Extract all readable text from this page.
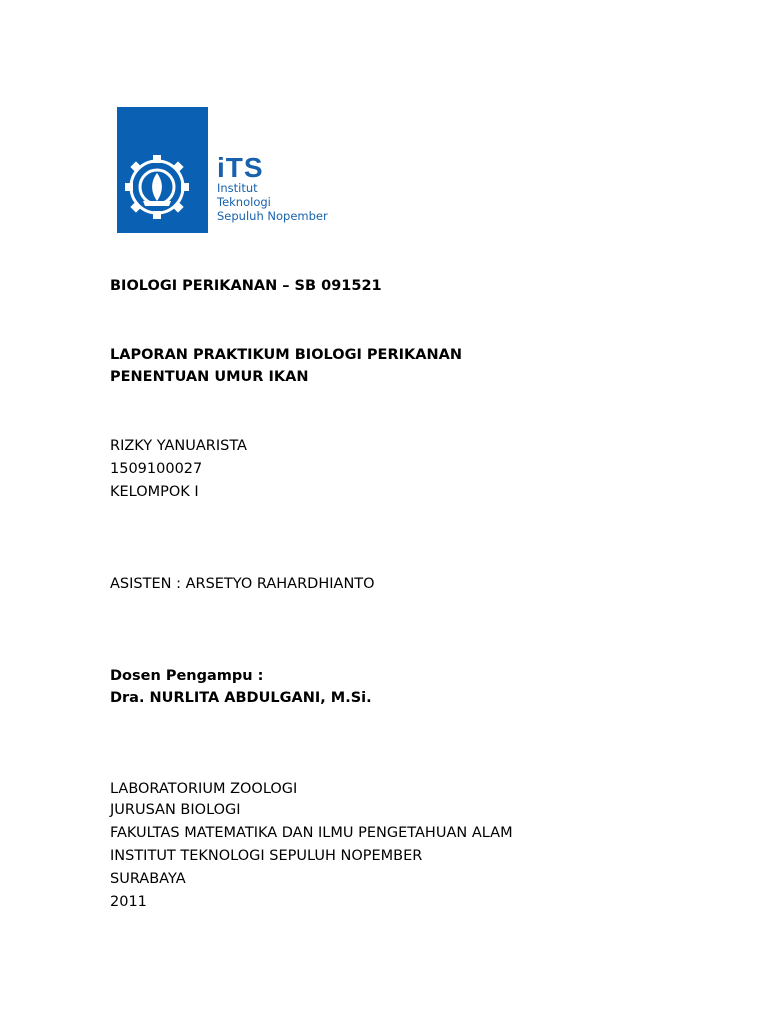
iTS
Institut
Teknologi
Sepuluh Nopember

BIOLOGI PERIKANAN – SB 091521

LAPORAN PRAKTIKUM BIOLOGI PERIKANAN

PENENTUAN UMUR IKAN

RIZKY YANUARISTA

1509100027

KELOMPOK I

ASISTEN : ARSETYO RAHARDHIANTO

Dosen Pengampu :

Dra. NURLITA ABDULGANI, M.Si.

LABORATORIUM ZOOLOGI

JURUSAN BIOLOGI

FAKULTAS MATEMATIKA DAN ILMU PENGETAHUAN ALAM

INSTITUT TEKNOLOGI SEPULUH NOPEMBER

SURABAYA

2011
